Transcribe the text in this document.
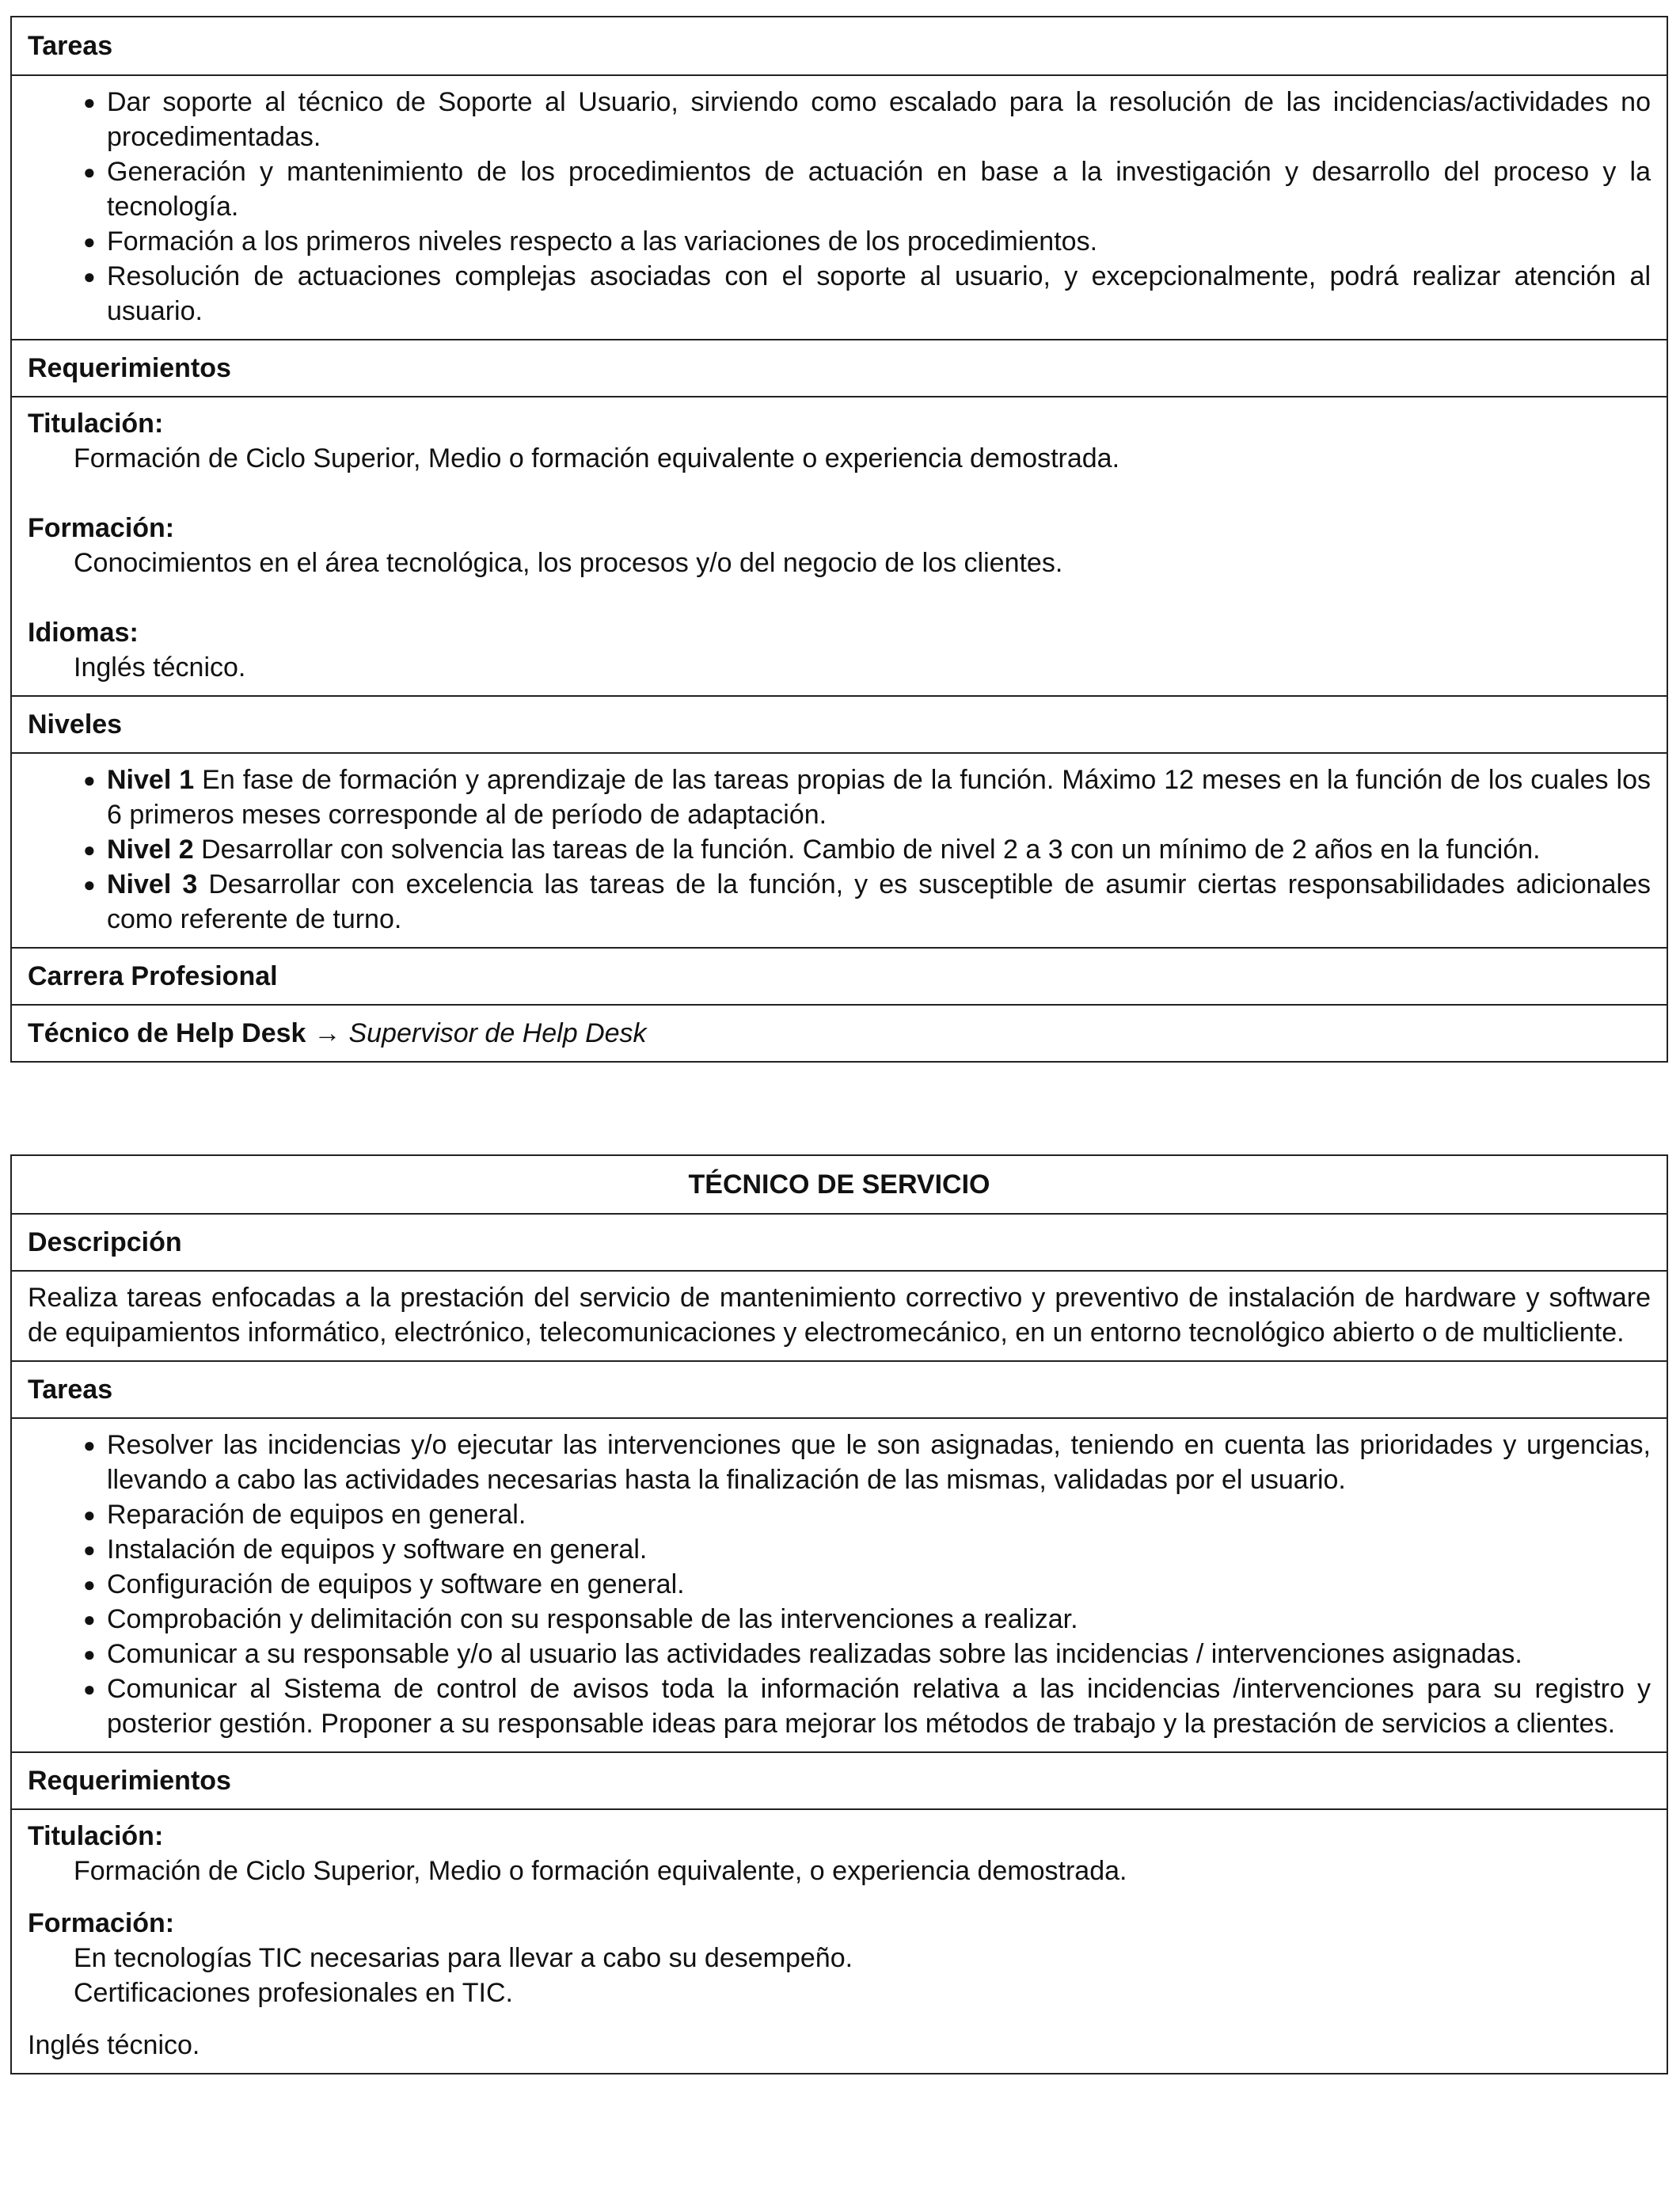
Tareas
● Dar soporte al técnico de Soporte al Usuario, sirviendo como escalado para la resolución de las incidencias/actividades no procedimentadas.
● Generación y mantenimiento de los procedimientos de actuación en base a la investigación y desarrollo del proceso y la tecnología.
● Formación a los primeros niveles respecto a las variaciones de los procedimientos.
● Resolución de actuaciones complejas asociadas con el soporte al usuario, y excepcionalmente, podrá realizar atención al usuario.
Requerimientos
Titulación:
Formación de Ciclo Superior, Medio o formación equivalente o experiencia demostrada.
Formación:
Conocimientos en el área tecnológica, los procesos y/o del negocio de los clientes.
Idiomas:
Inglés técnico.
Niveles
● Nivel 1 En fase de formación y aprendizaje de las tareas propias de la función. Máximo 12 meses en la función de los cuales los 6 primeros meses corresponde al de período de adaptación.
● Nivel 2 Desarrollar con solvencia las tareas de la función. Cambio de nivel 2 a 3 con un mínimo de 2 años en la función.
● Nivel 3 Desarrollar con excelencia las tareas de la función, y es susceptible de asumir ciertas responsabilidades adicionales como referente de turno.
Carrera Profesional
Técnico de Help Desk → Supervisor de Help Desk
TÉCNICO DE SERVICIO
Descripción
Realiza tareas enfocadas a la prestación del servicio de mantenimiento correctivo y preventivo de instalación de hardware y software de equipamientos informático, electrónico, telecomunicaciones y electromecánico, en un entorno tecnológico abierto o de multicliente.
Tareas
● Resolver las incidencias y/o ejecutar las intervenciones que le son asignadas, teniendo en cuenta las prioridades y urgencias, llevando a cabo las actividades necesarias hasta la finalización de las mismas, validadas por el usuario.
● Reparación de equipos en general.
● Instalación de equipos y software en general.
● Configuración de equipos y software en general.
● Comprobación y delimitación con su responsable de las intervenciones a realizar.
● Comunicar a su responsable y/o al usuario las actividades realizadas sobre las incidencias / intervenciones asignadas.
● Comunicar al Sistema de control de avisos toda la información relativa a las incidencias /intervenciones para su registro y posterior gestión. Proponer a su responsable ideas para mejorar los métodos de trabajo y la prestación de servicios a clientes.
Requerimientos
Titulación:
Formación de Ciclo Superior, Medio o formación equivalente, o experiencia demostrada.
Formación:
En tecnologías TIC necesarias para llevar a cabo su desempeño.
Certificaciones profesionales en TIC.
Inglés técnico.
